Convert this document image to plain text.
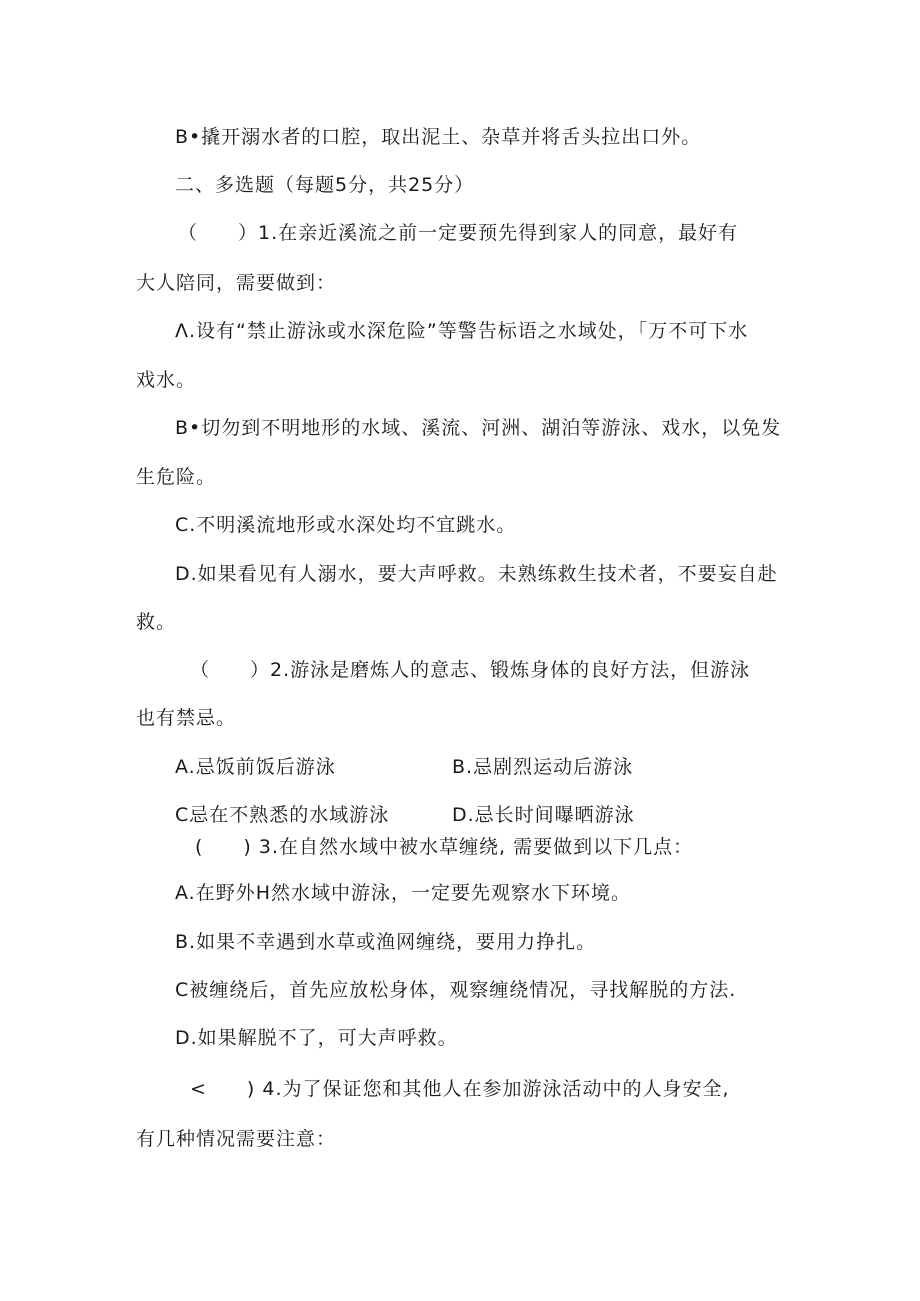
B•撬开溺水者的口腔，取出泥土、杂草并将舌头拉出口外。
二、多选题（每题5分，共25分）
（　　）1.在亲近溪流之前一定要预先得到家人的同意，最好有
大人陪同，需要做到：
Λ.设有“禁止游泳或水深危险”等警告标语之水域处，「万不可下水
戏水。
B•切勿到不明地形的水域、溪流、河洲、湖泊等游泳、戏水，以免发
生危险。
C.不明溪流地形或水深处均不宜跳水。
D.如果看见有人溺水，要大声呼救。未熟练救生技术者，不要妄自赴
救。
（　　）2.游泳是磨炼人的意志、锻炼身体的良好方法，但游泳
也有禁忌。
A.忌饭前饭后游泳	B.忌剧烈运动后游泳
C忌在不熟悉的水域游泳	D.忌长时间曝晒游泳
(　　) 3.在自然水域中被水草缠绕, 需要做到以下几点：
A.在野外H然水域中游泳，一定要先观察水下环境。
B.如果不幸遇到水草或渔网缠绕，要用力挣扎。
C被缠绕后，首先应放松身体，观察缠绕情况，寻找解脱的方法.
D.如果解脱不了，可大声呼救。
<　　) 4.为了保证您和其他人在参加游泳活动中的人身安全,
有几种情况需要注意：
